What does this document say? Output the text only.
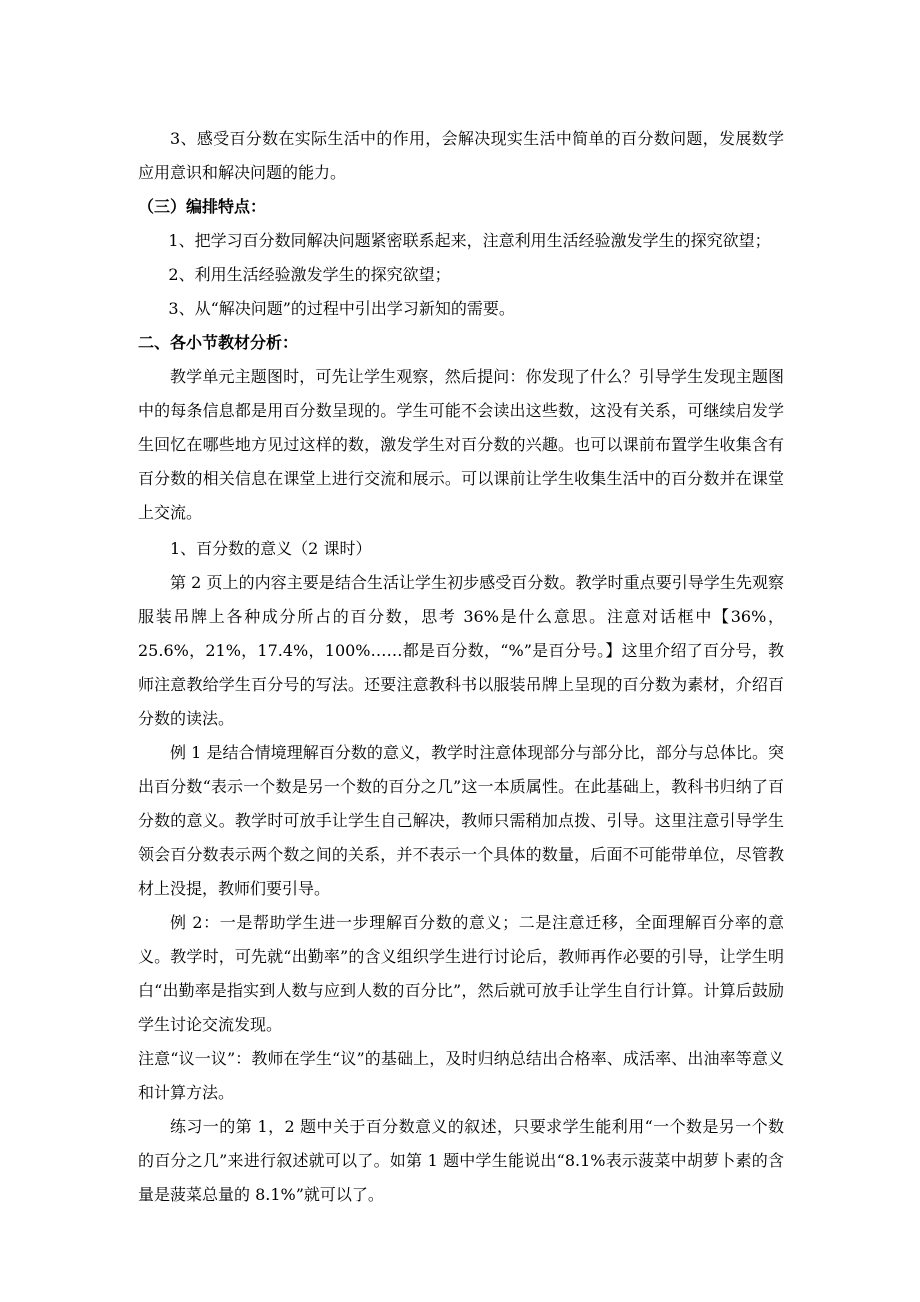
3、感受百分数在实际生活中的作用，会解决现实生活中简单的百分数问题，发展数学应用意识和解决问题的能力。

（三）编排特点：

1、把学习百分数同解决问题紧密联系起来，注意利用生活经验激发学生的探究欲望；

2、利用生活经验激发学生的探究欲望；

3、从“解决问题”的过程中引出学习新知的需要。

二、各小节教材分析：

教学单元主题图时，可先让学生观察，然后提问：你发现了什么？引导学生发现主题图中的每条信息都是用百分数呈现的。学生可能不会读出这些数，这没有关系，可继续启发学生回忆在哪些地方见过这样的数，激发学生对百分数的兴趣。也可以课前布置学生收集含有百分数的相关信息在课堂上进行交流和展示。可以课前让学生收集生活中的百分数并在课堂上交流。

1、百分数的意义（2 课时）

第 2 页上的内容主要是结合生活让学生初步感受百分数。教学时重点要引导学生先观察服装吊牌上各种成分所占的百分数，思考 36%是什么意思。注意对话框中【36%，25.6%，21%，17.4%，100%……都是百分数，“%”是百分号。】这里介绍了百分号，教师注意教给学生百分号的写法。还要注意教科书以服装吊牌上呈现的百分数为素材，介绍百分数的读法。

例 1 是结合情境理解百分数的意义，教学时注意体现部分与部分比，部分与总体比。突出百分数“表示一个数是另一个数的百分之几”这一本质属性。在此基础上，教科书归纳了百分数的意义。教学时可放手让学生自己解决，教师只需稍加点拨、引导。这里注意引导学生领会百分数表示两个数之间的关系，并不表示一个具体的数量，后面不可能带单位，尽管教材上没提，教师们要引导。

例 2：一是帮助学生进一步理解百分数的意义；二是注意迁移，全面理解百分率的意义。教学时，可先就“出勤率”的含义组织学生进行讨论后，教师再作必要的引导，让学生明白“出勤率是指实到人数与应到人数的百分比”，然后就可放手让学生自行计算。计算后鼓励学生讨论交流发现。

注意“议一议”：教师在学生“议”的基础上，及时归纳总结出合格率、成活率、出油率等意义和计算方法。

练习一的第 1，2 题中关于百分数意义的叙述，只要求学生能利用“一个数是另一个数的百分之几”来进行叙述就可以了。如第 1 题中学生能说出“8.1%表示菠菜中胡萝卜素的含量是菠菜总量的 8.1%”就可以了。
